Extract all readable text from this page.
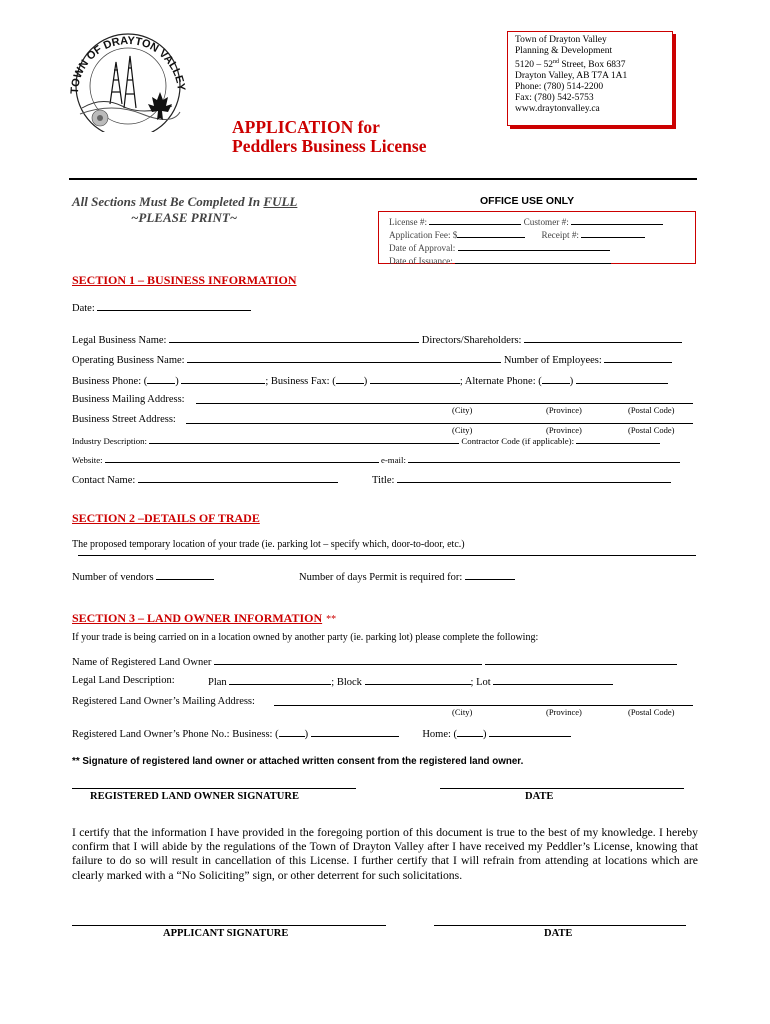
TOWN OF DRAYTON VALLEY
Town of Drayton Valley
Planning & Development
5120 – 52nd Street, Box 6837
Drayton Valley, AB T7A 1A1
Phone: (780) 514-2200
Fax: (780) 542-5753
www.draytonvalley.ca
APPLICATION for
Peddlers Business License
All Sections Must Be Completed In FULL
~PLEASE PRINT~
OFFICE USE ONLY
License #:	Customer #:
Application Fee: $	Receipt #:
Date of Approval:
Date of Issuance:
SECTION 1 – BUSINESS INFORMATION
Date:
Legal Business Name:	Directors/Shareholders:
Operating Business Name:	Number of Employees:
Business Phone: (	)	; Business Fax: (	)	; Alternate Phone: (	)
Business Mailing Address:
(City)	(Province)	(Postal Code)
Business Street Address:
(City)	(Province)	(Postal Code)
Industry Description:	Contractor Code (if applicable):
Website:	e-mail:
Contact Name:	Title:
SECTION 2 –DETAILS OF TRADE
The proposed temporary location of your trade (ie. parking lot – specify which, door-to-door, etc.)
Number of vendors	Number of days Permit is required for:
SECTION 3 – LAND OWNER INFORMATION **
If your trade is being carried on in a location owned by another party (ie. parking lot) please complete the following:
Name of Registered Land Owner
Legal Land Description:	Plan	; Block	; Lot
Registered Land Owner’s Mailing Address:
(City)	(Province)	(Postal Code)
Registered Land Owner’s Phone No.: Business: ( )	Home: ( )
** Signature of registered land owner or attached written consent from the registered land owner.
REGISTERED LAND OWNER SIGNATURE	DATE
I certify that the information I have provided in the foregoing portion of this document is true to the best of my knowledge. I hereby confirm that I will abide by the regulations of the Town of Drayton Valley after I have received my Peddler’s License, knowing that failure to do so will result in cancellation of this License. I further certify that I will refrain from attending at locations which are clearly marked with a “No Soliciting” sign, or other deterrent for such solicitations.
APPLICANT SIGNATURE	DATE
